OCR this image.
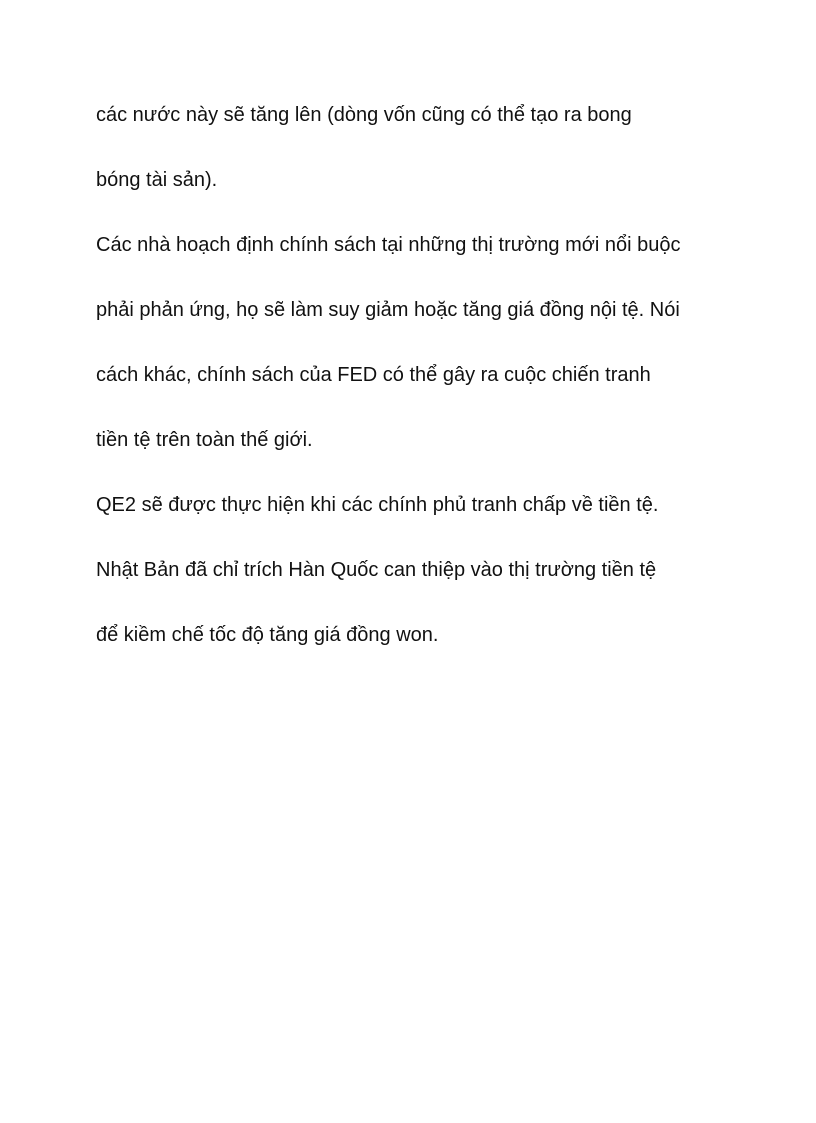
các nước này sẽ tăng lên (dòng vốn cũng có thể tạo ra bong
bóng tài sản).
Các nhà hoạch định chính sách tại những thị trường mới nổi buộc
phải phản ứng, họ sẽ làm suy giảm hoặc tăng giá đồng nội tệ. Nói
cách khác, chính sách của FED có thể gây ra cuộc chiến tranh
tiền tệ trên toàn thế giới.
QE2 sẽ được thực hiện khi các chính phủ tranh chấp về tiền tệ.
Nhật Bản đã chỉ trích Hàn Quốc can thiệp vào thị trường tiền tệ
để kiềm chế tốc độ tăng giá đồng won.
